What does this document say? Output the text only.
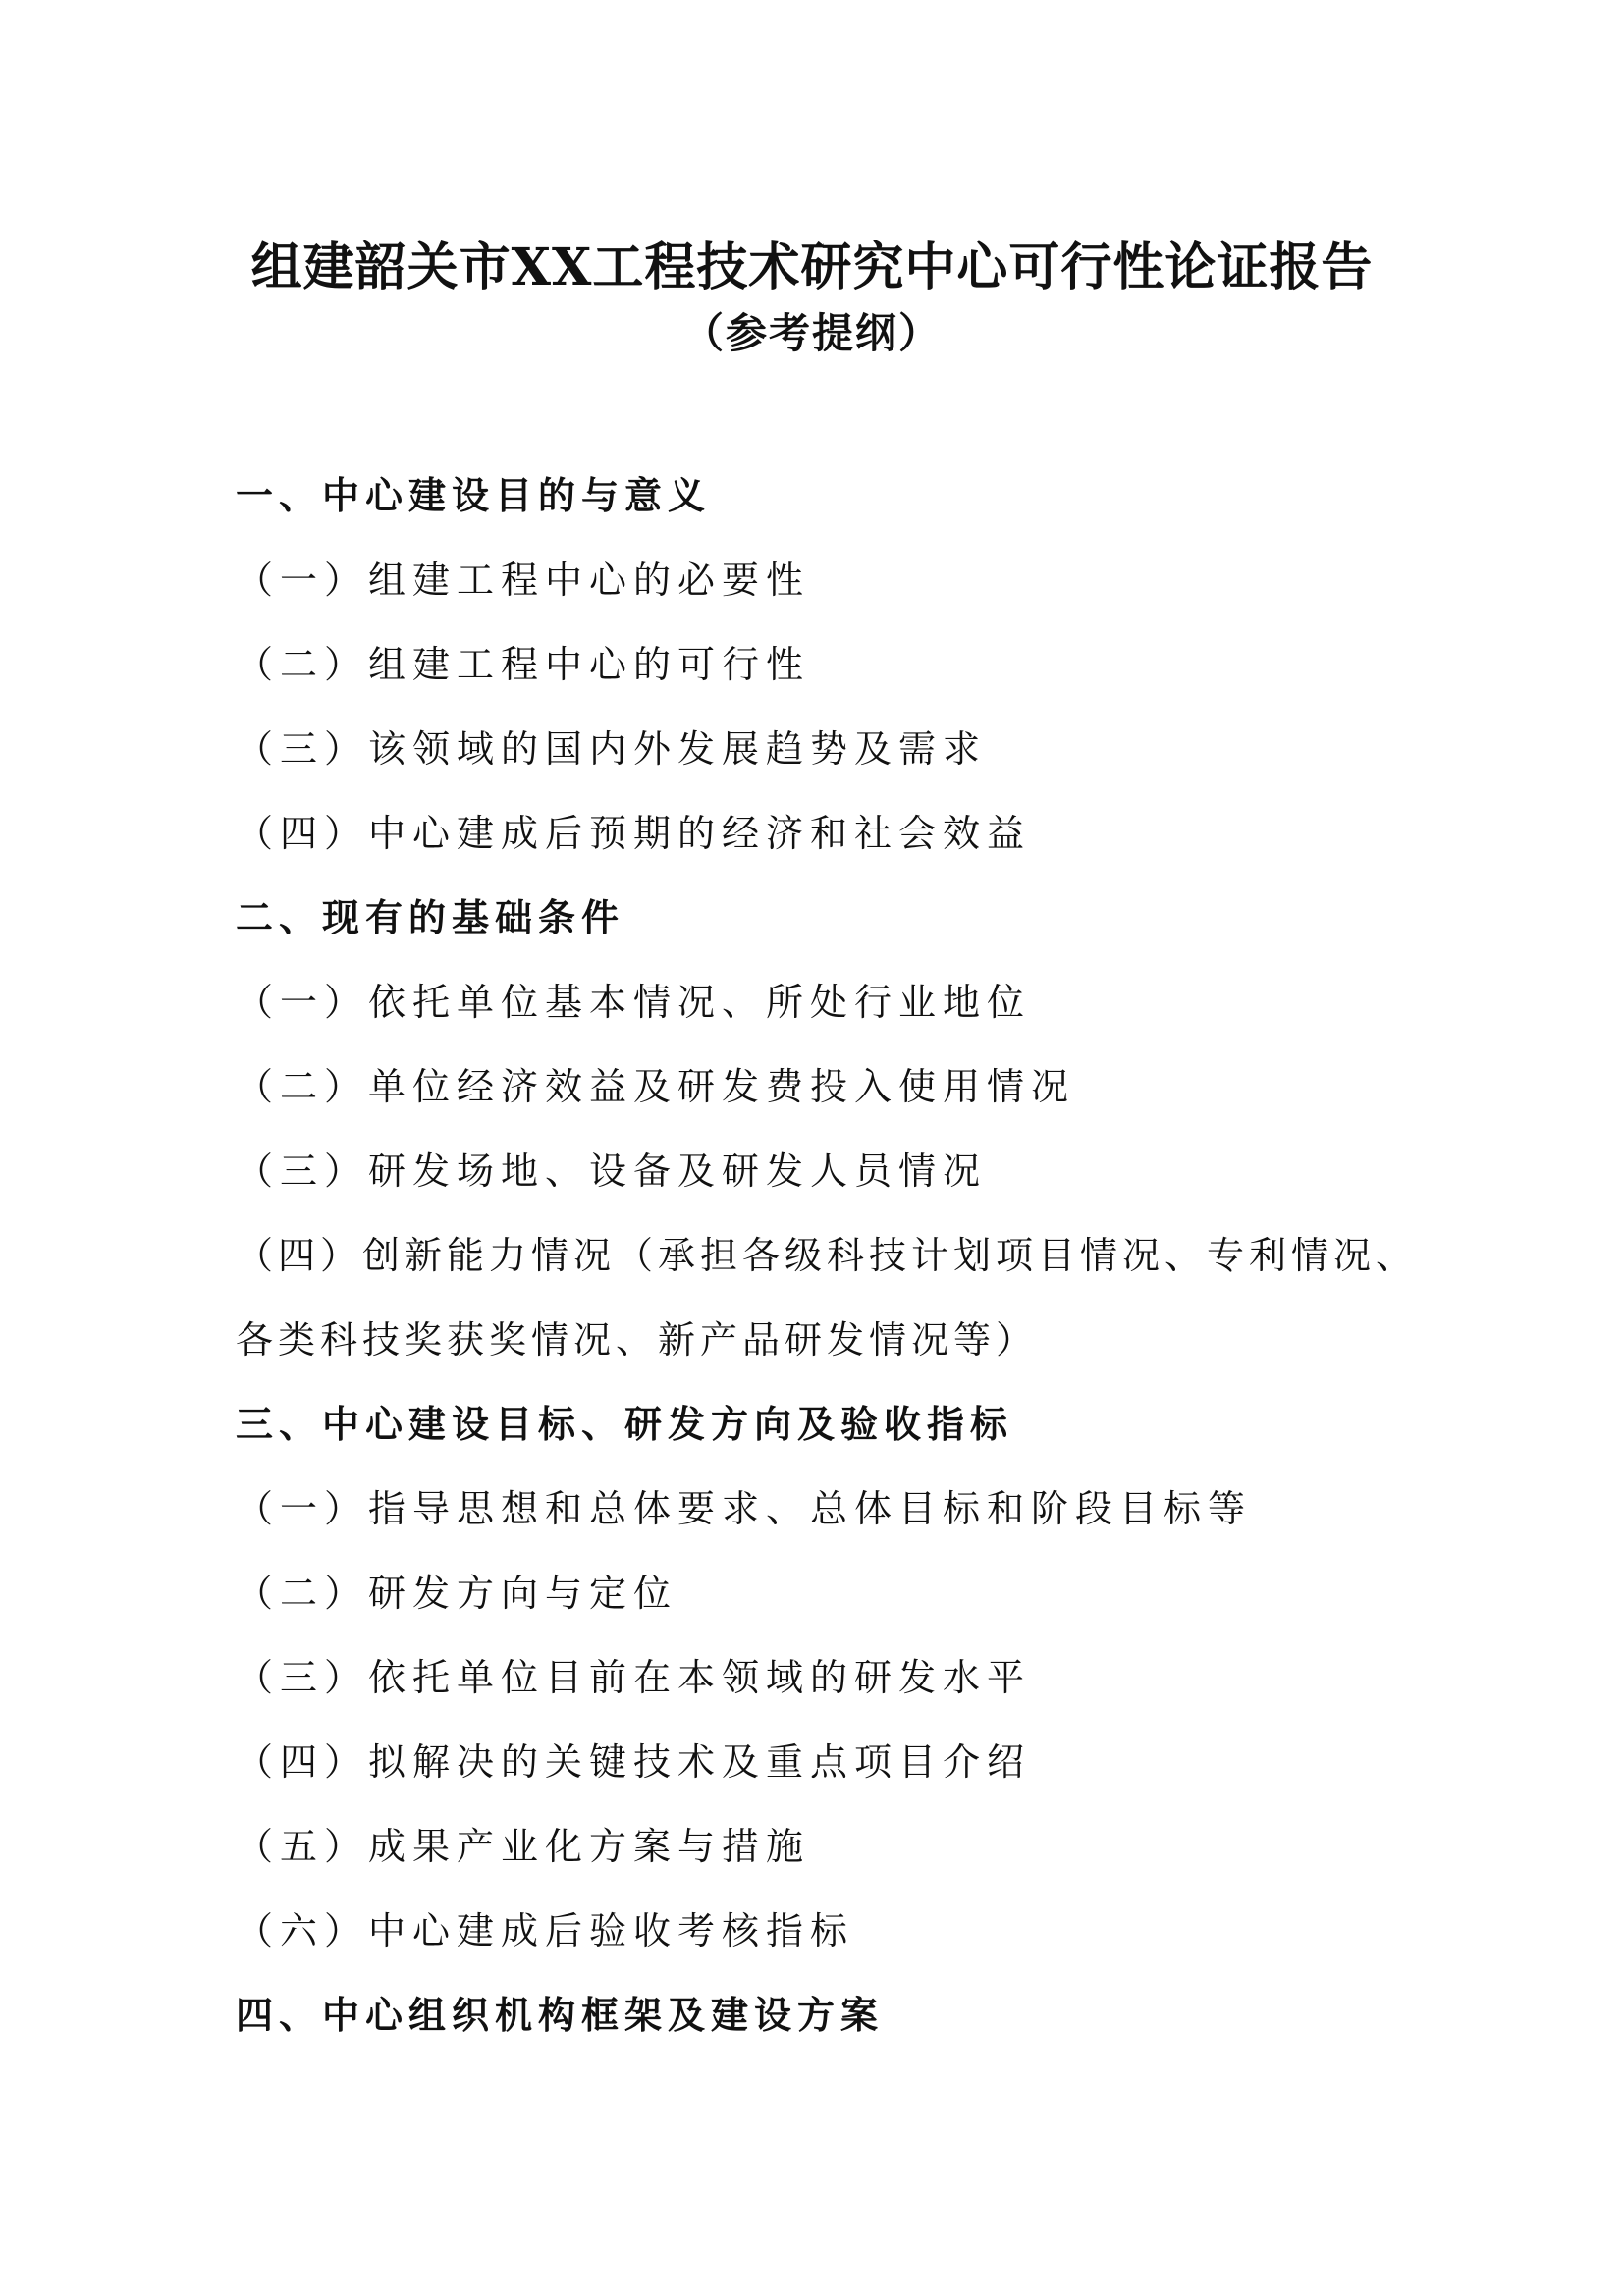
组建韶关市XX工程技术研究中心可行性论证报告
（参考提纲）
一、中心建设目的与意义
（一）组建工程中心的必要性
（二）组建工程中心的可行性
（三）该领域的国内外发展趋势及需求
（四）中心建成后预期的经济和社会效益
二、现有的基础条件
（一）依托单位基本情况、所处行业地位
（二）单位经济效益及研发费投入使用情况
（三）研发场地、设备及研发人员情况
（四）创新能力情况（承担各级科技计划项目情况、专利情况、各类科技奖获奖情况、新产品研发情况等）
三、中心建设目标、研发方向及验收指标
（一）指导思想和总体要求、总体目标和阶段目标等
（二）研发方向与定位
（三）依托单位目前在本领域的研发水平
（四）拟解决的关键技术及重点项目介绍
（五）成果产业化方案与措施
（六）中心建成后验收考核指标
四、中心组织机构框架及建设方案
